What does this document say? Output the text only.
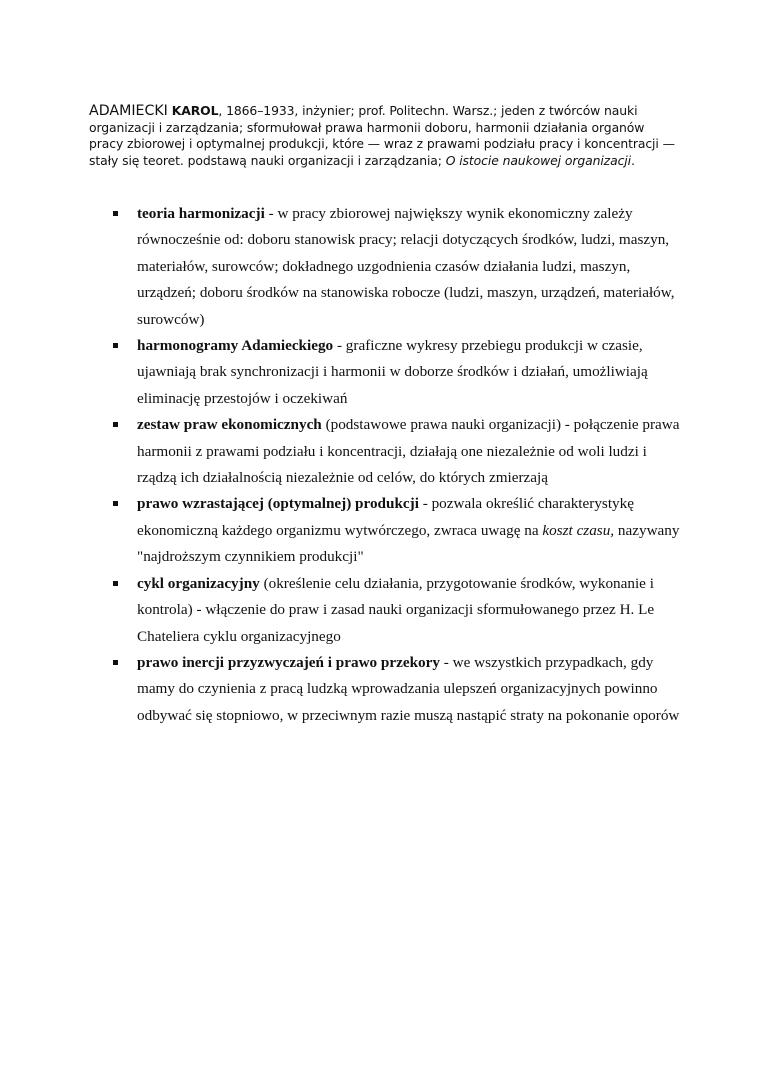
ADAMIECKI KAROL, 1866–1933, inżynier; prof. Politechn. Warsz.; jeden z twórców nauki organizacji i zarządzania; sformułował prawa harmonii doboru, harmonii działania organów pracy zbiorowej i optymalnej produkcji, które — wraz z prawami podziału pracy i koncentracji — stały się teoret. podstawą nauki organizacji i zarządzania; O istocie naukowej organizacji.

teoria harmonizacji - w pracy zbiorowej największy wynik ekonomiczny zależy równocześnie od: doboru stanowisk pracy; relacji dotyczących środków, ludzi, maszyn, materiałów, surowców; dokładnego uzgodnienia czasów działania ludzi, maszyn, urządzeń; doboru środków na stanowiska robocze (ludzi, maszyn, urządzeń, materiałów, surowców)
harmonogramy Adamieckiego - graficzne wykresy przebiegu produkcji w czasie, ujawniają brak synchronizacji i harmonii w doborze środków i działań, umożliwiają eliminację przestojów i oczekiwań
zestaw praw ekonomicznych (podstawowe prawa nauki organizacji) - połączenie prawa harmonii z prawami podziału i koncentracji, działają one niezależnie od woli ludzi i rządzą ich działalnością niezależnie od celów, do których zmierzają
prawo wzrastającej (optymalnej) produkcji - pozwala określić charakterystykę ekonomiczną każdego organizmu wytwórczego, zwraca uwagę na koszt czasu, nazywany "najdroższym czynnikiem produkcji"
cykl organizacyjny (określenie celu działania, przygotowanie środków, wykonanie i kontrola) - włączenie do praw i zasad nauki organizacji sformułowanego przez H. Le Chateliera cyklu organizacyjnego
prawo inercji przyzwyczajeń i prawo przekory - we wszystkich przypadkach, gdy mamy do czynienia z pracą ludzką wprowadzania ulepszeń organizacyjnych powinno odbywać się stopniowo, w przeciwnym razie muszą nastąpić straty na pokonanie oporów
